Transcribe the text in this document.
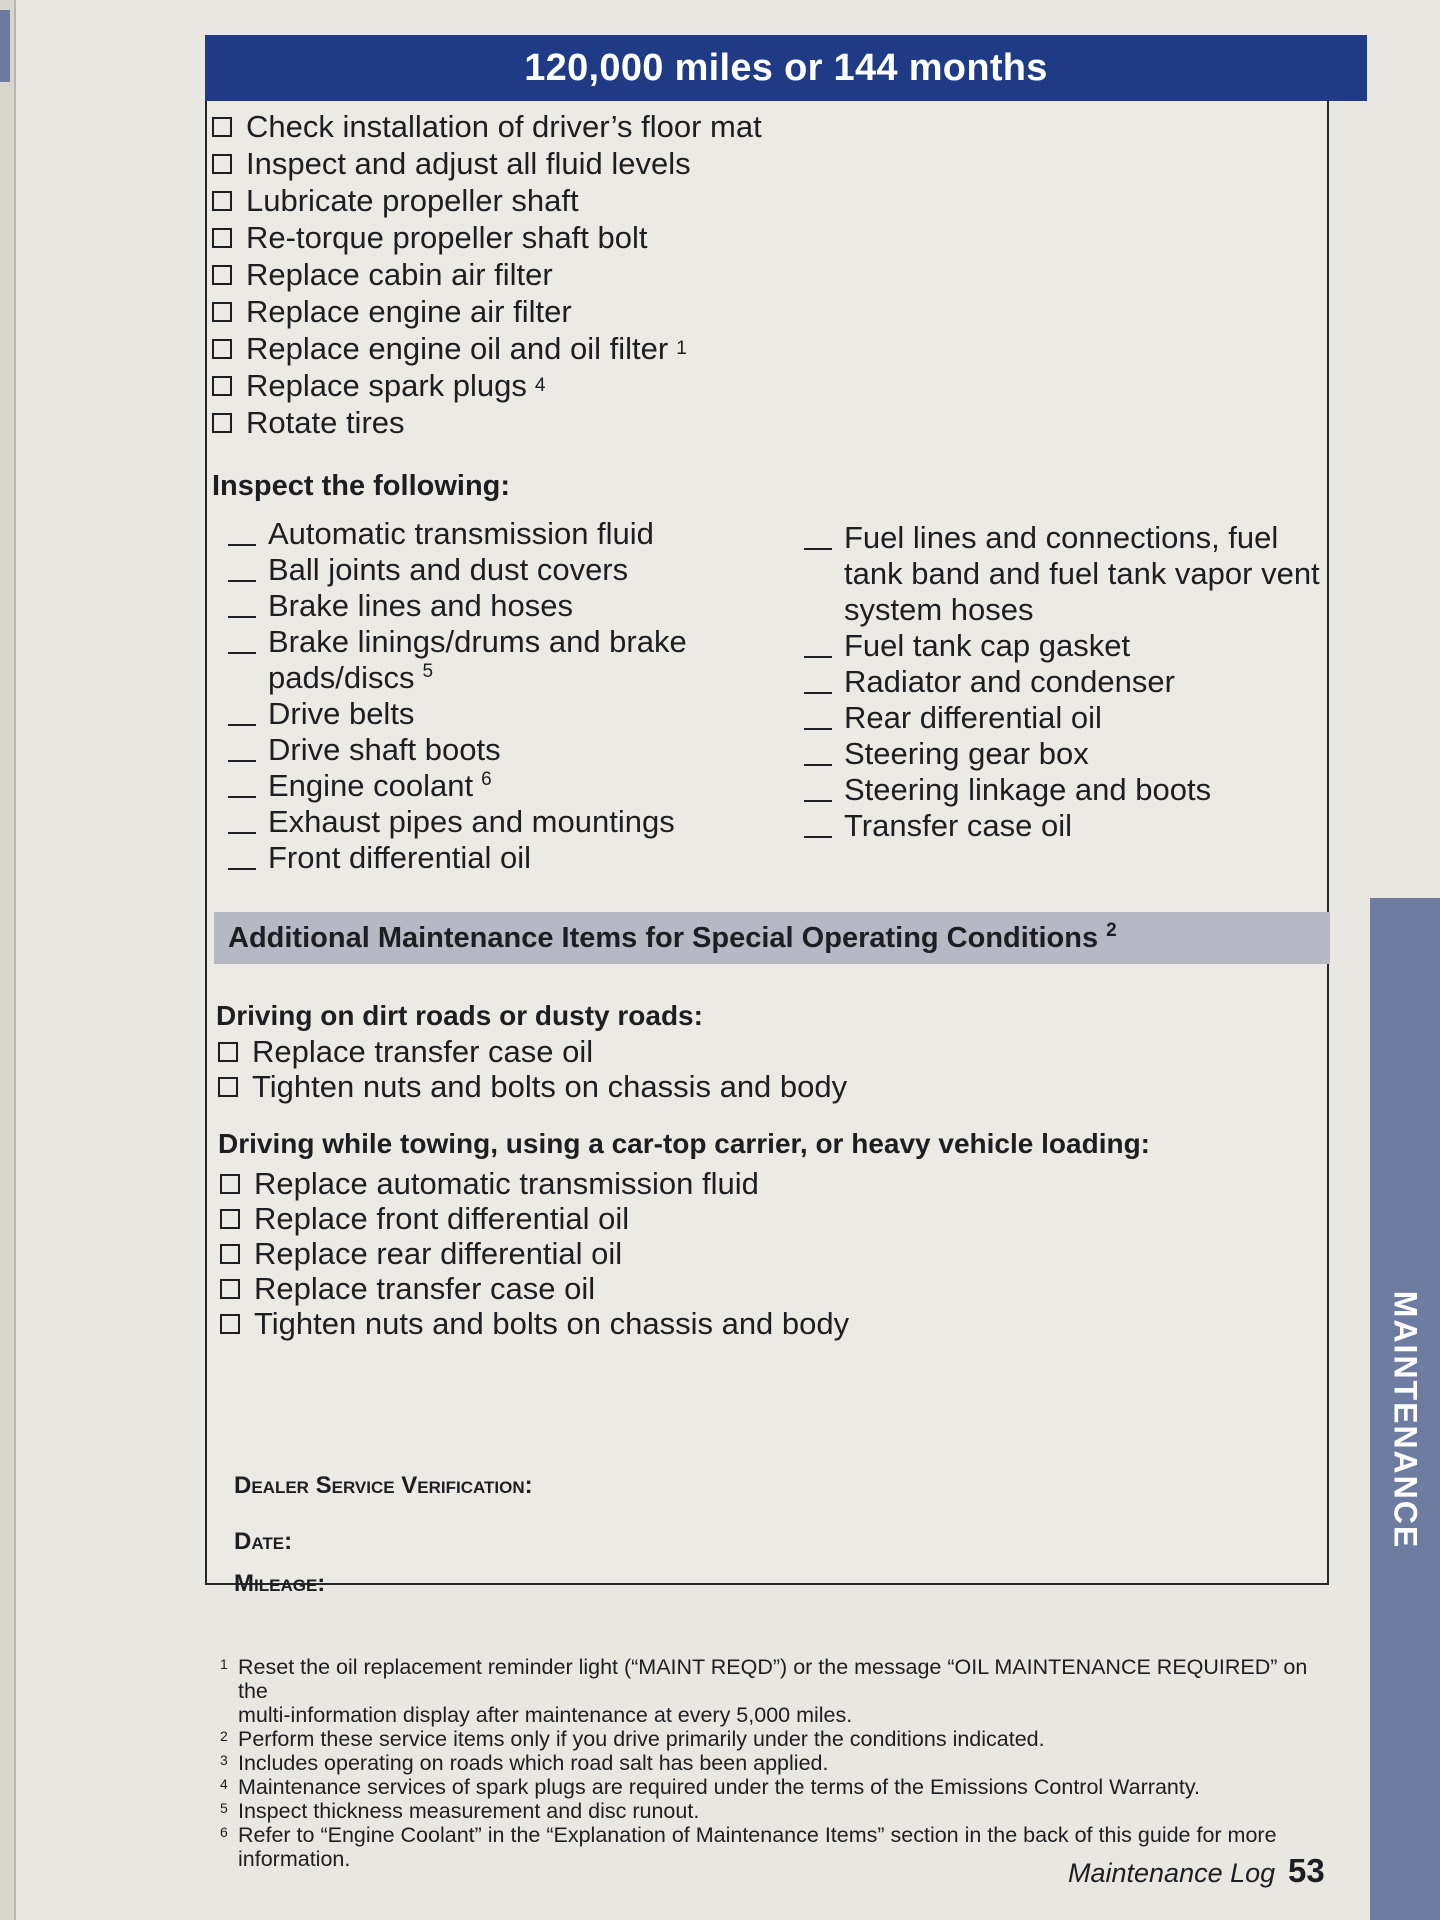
120,000 miles or 144 months
Check installation of driver’s floor mat
Inspect and adjust all fluid levels
Lubricate propeller shaft
Re-torque propeller shaft bolt
Replace cabin air filter
Replace engine air filter
Replace engine oil and oil filter 1
Replace spark plugs 4
Rotate tires
Inspect the following:
Automatic transmission fluid
Ball joints and dust covers
Brake lines and hoses
Brake linings/drums and brake pads/discs $^5$
Drive belts
Drive shaft boots
Engine coolant $^6$
Exhaust pipes and mountings
Front differential oil
Fuel lines and connections, fuel tank band and fuel tank vapor vent system hoses
Fuel tank cap gasket
Radiator and condenser
Rear differential oil
Steering gear box
Steering linkage and boots
Transfer case oil
Additional Maintenance Items for Special Operating Conditions $^2$
Driving on dirt roads or dusty roads:
Replace transfer case oil
Tighten nuts and bolts on chassis and body
Driving while towing, using a car-top carrier, or heavy vehicle loading:
Replace automatic transmission fluid
Replace front differential oil
Replace rear differential oil
Replace transfer case oil
Tighten nuts and bolts on chassis and body
Dealer Service Verification:
Date:
Mileage:
MAINTENANCE
1 Reset the oil replacement reminder light (“MAINT REQD”) or the message “OIL MAINTENANCE REQUIRED” on the
multi-information display after maintenance at every 5,000 miles.
2 Perform these service items only if you drive primarily under the conditions indicated.
3 Includes operating on roads which road salt has been applied.
4 Maintenance services of spark plugs are required under the terms of the Emissions Control Warranty.
5 Inspect thickness measurement and disc runout.
6 Refer to “Engine Coolant” in the “Explanation of Maintenance Items” section in the back of this guide for more
information.	Maintenance Log 53
